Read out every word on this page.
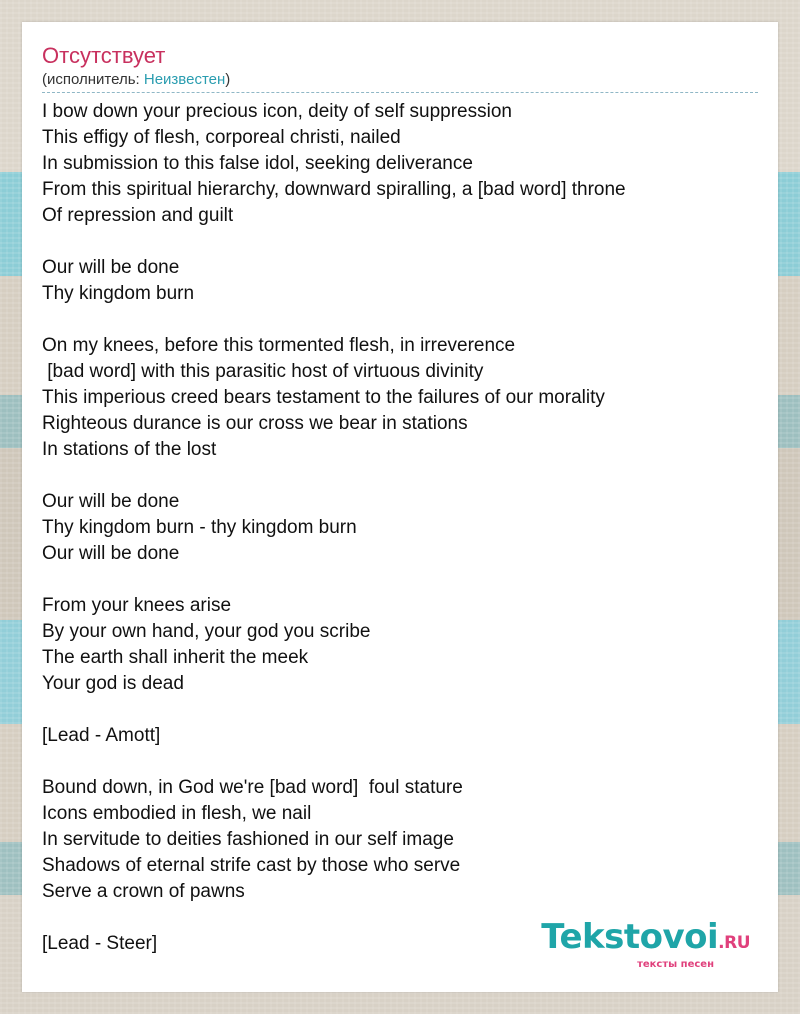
Отсутствует
(исполнитель: Неизвестен)
I bow down your precious icon, deity of self suppression
This effigy of flesh, corporeal christi, nailed
In submission to this false idol, seeking deliverance
From this spiritual hierarchy, downward spiralling, a [bad word] throne
Of repression and guilt
Our will be done
Thy kingdom burn
On my knees, before this tormented flesh, in irreverence
[bad word] with this parasitic host of virtuous divinity
This imperious creed bears testament to the failures of our morality
Righteous durance is our cross we bear in stations
In stations of the lost
Our will be done
Thy kingdom burn - thy kingdom burn
Our will be done
From your knees arise
By your own hand, your god you scribe
The earth shall inherit the meek
Your god is dead
[Lead - Amott]
Bound down, in God we're [bad word]  foul stature
Icons embodied in flesh, we nail
In servitude to deities fashioned in our self image
Shadows of eternal strife cast by those who serve
Serve a crown of pawns
[Lead - Steer]	Tekstovoi.RU
тексты песен
